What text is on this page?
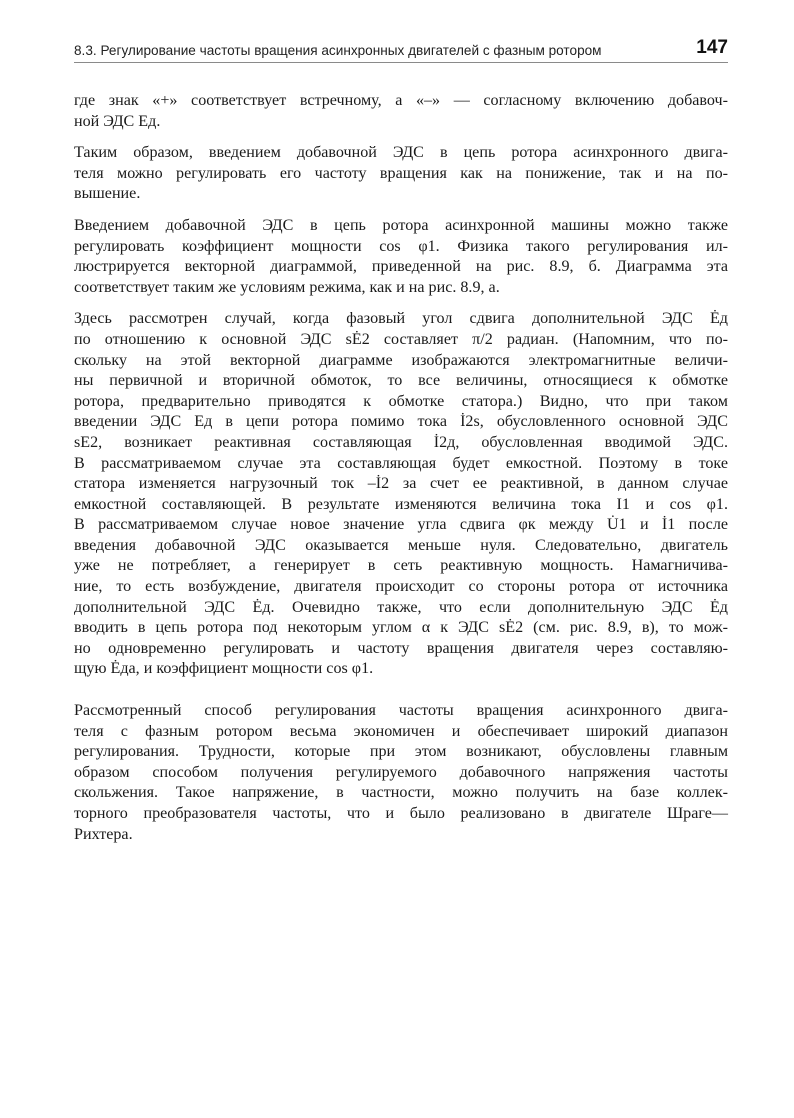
8.3. Регулирование частоты вращения асинхронных двигателей с фазным ротором	147

где знак «+» соответствует встречному, а «–» — согласному включению добавоч-
ной ЭДС Eд.

Таким образом, введением добавочной ЭДС в цепь ротора асинхронного двига-
теля можно регулировать его частоту вращения как на понижение, так и на по-
вышение.

Введением добавочной ЭДС в цепь ротора асинхронной машины можно также
регулировать коэффициент мощности cos φ1. Физика такого регулирования ил-
люстрируется векторной диаграммой, приведенной на рис. 8.9, б. Диаграмма эта
соответствует таким же условиям режима, как и на рис. 8.9, а.

Здесь рассмотрен случай, когда фазовый угол сдвига дополнительной ЭДС Ėд
по отношению к основной ЭДС sĖ2 составляет π/2 радиан. (Напомним, что по-
скольку на этой векторной диаграмме изображаются электромагнитные величи-
ны первичной и вторичной обмоток, то все величины, относящиеся к обмотке
ротора, предварительно приводятся к обмотке статора.) Видно, что при таком
введении ЭДС Eд в цепи ротора помимо тока İ2s, обусловленного основной ЭДС
sE2, возникает реактивная составляющая İ2д, обусловленная вводимой ЭДС.
В рассматриваемом случае эта составляющая будет емкостной. Поэтому в токе
статора изменяется нагрузочный ток –İ2 за счет ее реактивной, в данном случае
емкостной составляющей. В результате изменяются величина тока I1 и cos φ1.
В рассматриваемом случае новое значение угла сдвига φк между U̇1 и İ1 после
введения добавочной ЭДС оказывается меньше нуля. Следовательно, двигатель
уже не потребляет, а генерирует в сеть реактивную мощность. Намагничива-
ние, то есть возбуждение, двигателя происходит со стороны ротора от источника
дополнительной ЭДС Ėд. Очевидно также, что если дополнительную ЭДС Ėд
вводить в цепь ротора под некоторым углом α к ЭДС sĖ2 (см. рис. 8.9, в), то мож-
но одновременно регулировать и частоту вращения двигателя через составляю-
щую Ėдa, и коэффициент мощности cos φ1.

Рассмотренный способ регулирования частоты вращения асинхронного двига-
теля с фазным ротором весьма экономичен и обеспечивает широкий диапазон
регулирования. Трудности, которые при этом возникают, обусловлены главным
образом способом получения регулируемого добавочного напряжения частоты
скольжения. Такое напряжение, в частности, можно получить на базе коллек-
торного преобразователя частоты, что и было реализовано в двигателе Шраге—
Рихтера.
